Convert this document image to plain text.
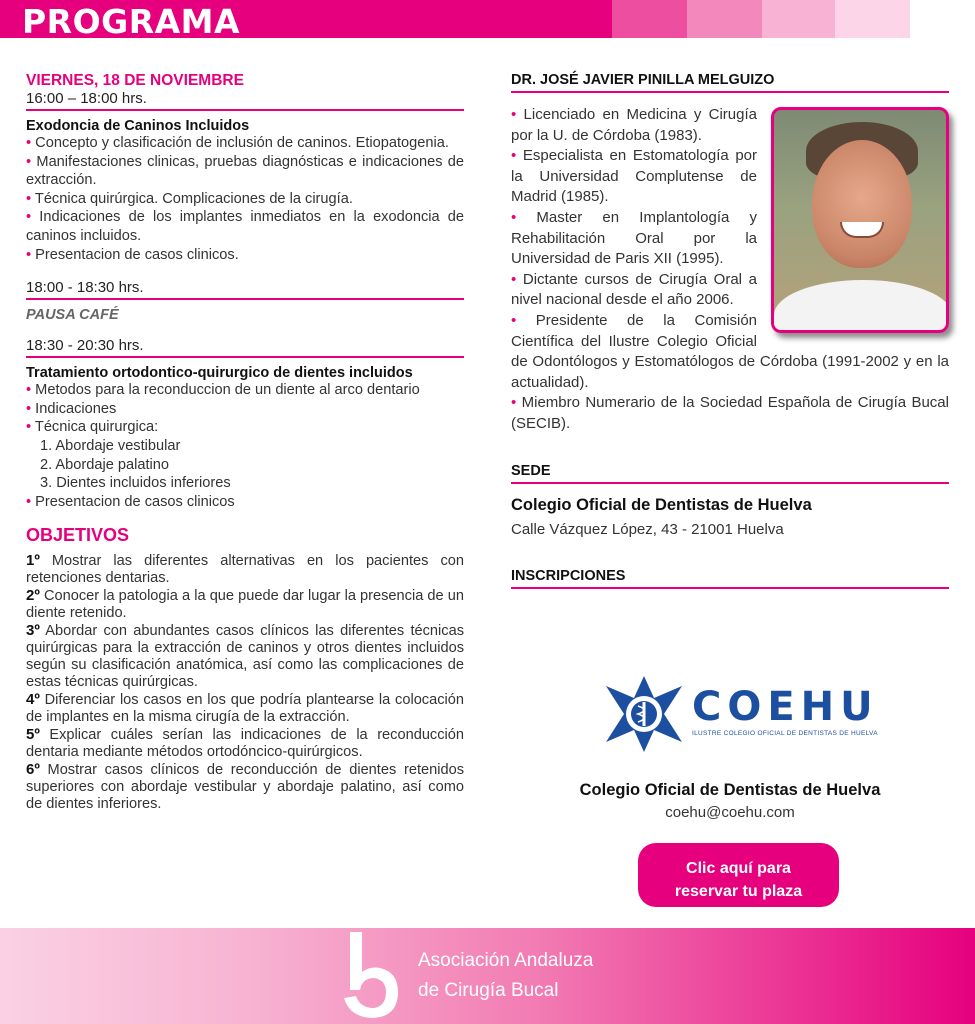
PROGRAMA
VIERNES, 18 DE NOVIEMBRE
16:00 – 18:00 hrs.
Exodoncia de Caninos Incluidos
• Concepto y clasificación de inclusión de caninos. Etiopatogenia.
• Manifestaciones clinicas, pruebas diagnósticas e indicaciones de extracción.
• Técnica quirúrgica. Complicaciones de la cirugía.
• Indicaciones de los implantes inmediatos en la exodoncia de caninos incluidos.
• Presentacion de casos clinicos.
18:00 - 18:30 hrs.
PAUSA CAFÉ
18:30 - 20:30 hrs.
Tratamiento ortodontico-quirurgico de dientes incluidos
• Metodos para la reconduccion de un diente al arco dentario
• Indicaciones
• Técnica quirurgica:
1. Abordaje vestibular
2. Abordaje palatino
3. Dientes incluidos inferiores
• Presentacion de casos clinicos
OBJETIVOS
1º Mostrar las diferentes alternativas en los pacientes con retenciones dentarias.
2º Conocer la patologia a la que puede dar lugar la presencia de un diente retenido.
3º Abordar con abundantes casos clínicos las diferentes técnicas quirúrgicas para la extracción de caninos y otros dientes incluidos según su clasificación anatómica, así como las complicaciones de estas técnicas quirúrgicas.
4º Diferenciar los casos en los que podría plantearse la colocación de implantes en la misma cirugía de la extracción.
5º Explicar cuáles serían las indicaciones de la reconducción dentaria mediante métodos ortodóncico-quirúrgicos.
6º Mostrar casos clínicos de reconducción de dientes retenidos superiores con abordaje vestibular y abordaje palatino, así como de dientes inferiores.
DR. JOSÉ JAVIER PINILLA MELGUIZO
• Licenciado en Medicina y Cirugía por la U. de Córdoba (1983).
• Especialista en Estomatología por la Universidad Complutense de Madrid (1985).
• Master en Implantología y Rehabilitación Oral por la Universidad de Paris XII (1995).
• Dictante cursos de Cirugía Oral a nivel nacional desde el año 2006.
• Presidente de la Comisión Científica del Ilustre Colegio Oficial de Odontólogos y Estomatólogos de Córdoba (1991-2002 y en la actualidad).
• Miembro Numerario de la Sociedad Española de Cirugía Bucal (SECIB).
SEDE
Colegio Oficial de Dentistas de Huelva
Calle Vázquez López, 43 - 21001 Huelva
INSCRIPCIONES
COEHU
ILUSTRE COLEGIO OFICIAL DE DENTISTAS DE HUELVA
Colegio Oficial de Dentistas de Huelva
coehu@coehu.com
Clic aquí para
reservar tu plaza
Asociación Andaluza
de Cirugía Bucal
